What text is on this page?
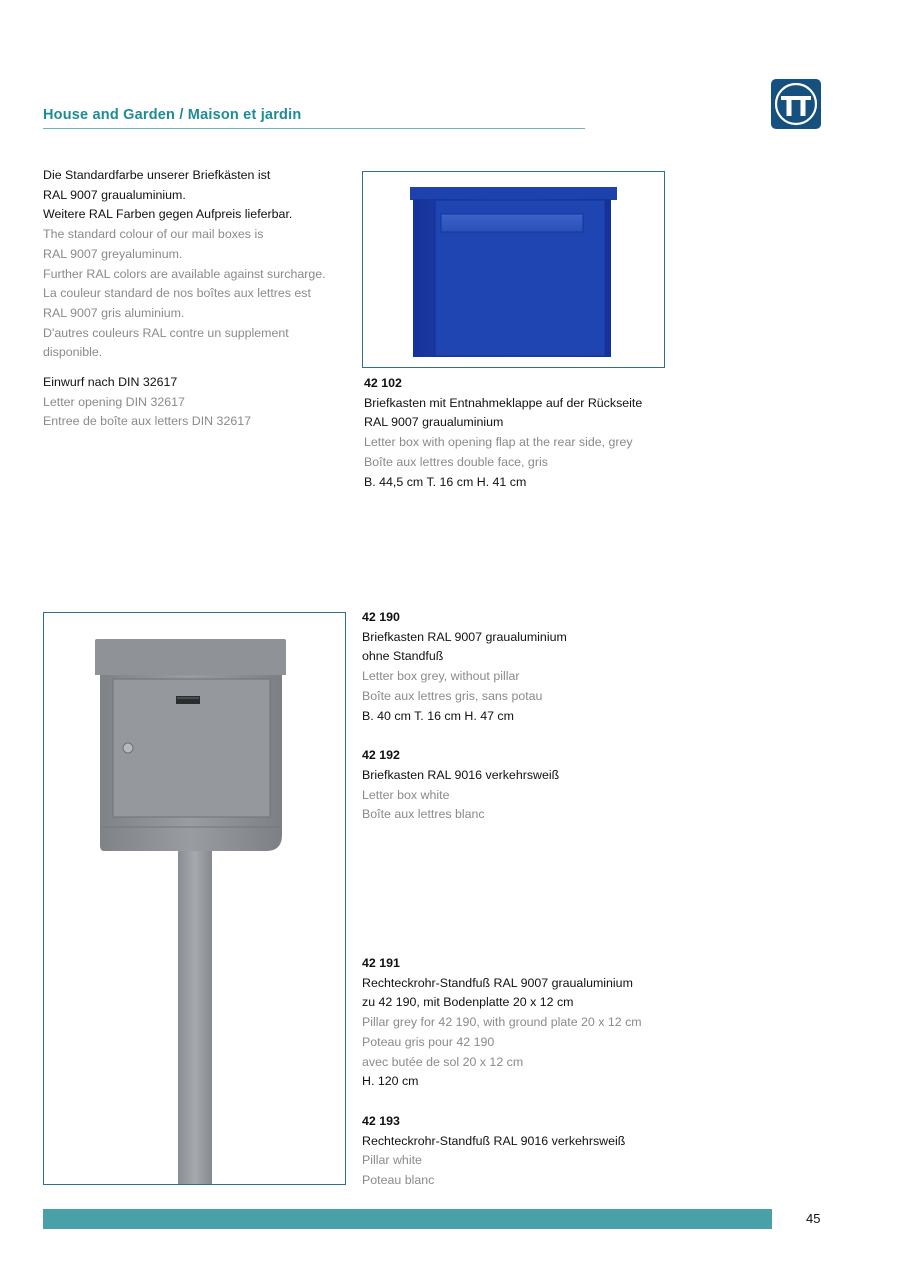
House and Garden / Maison et jardin
Die Standardfarbe unserer Briefkästen ist
RAL 9007 graualuminium.
Weitere RAL Farben gegen Aufpreis lieferbar.
The standard colour of our mail boxes is
RAL 9007 greyaluminum.
Further RAL colors are available against surcharge.
La couleur standard de nos boîtes aux lettres est
RAL 9007 gris aluminium.
D'autres couleurs RAL contre un supplement
disponible.
Einwurf nach DIN 32617
Letter opening DIN 32617
Entree de boîte aux letters DIN 32617
42 102
Briefkasten mit Entnahmeklappe auf der Rückseite
RAL 9007 graualuminium
Letter box with opening flap at the rear side, grey
Boîte aux lettres double face, gris
B. 44,5 cm T. 16 cm H. 41 cm
42 190
Briefkasten RAL 9007 graualuminium
ohne Standfuß
Letter box grey, without pillar
Boîte aux lettres gris, sans potau
B. 40 cm T. 16 cm H. 47 cm
42 192
Briefkasten RAL 9016 verkehrsweiß
Letter box white
Boîte aux lettres blanc
42 191
Rechteckrohr-Standfuß RAL 9007 graualuminium
zu 42 190, mit Bodenplatte 20 x 12 cm
Pillar grey for 42 190, with ground plate 20 x 12 cm
Poteau gris pour 42 190
avec butée de sol 20 x 12 cm
H. 120 cm
42 193
Rechteckrohr-Standfuß RAL 9016 verkehrsweiß
Pillar white
Poteau blanc
45
